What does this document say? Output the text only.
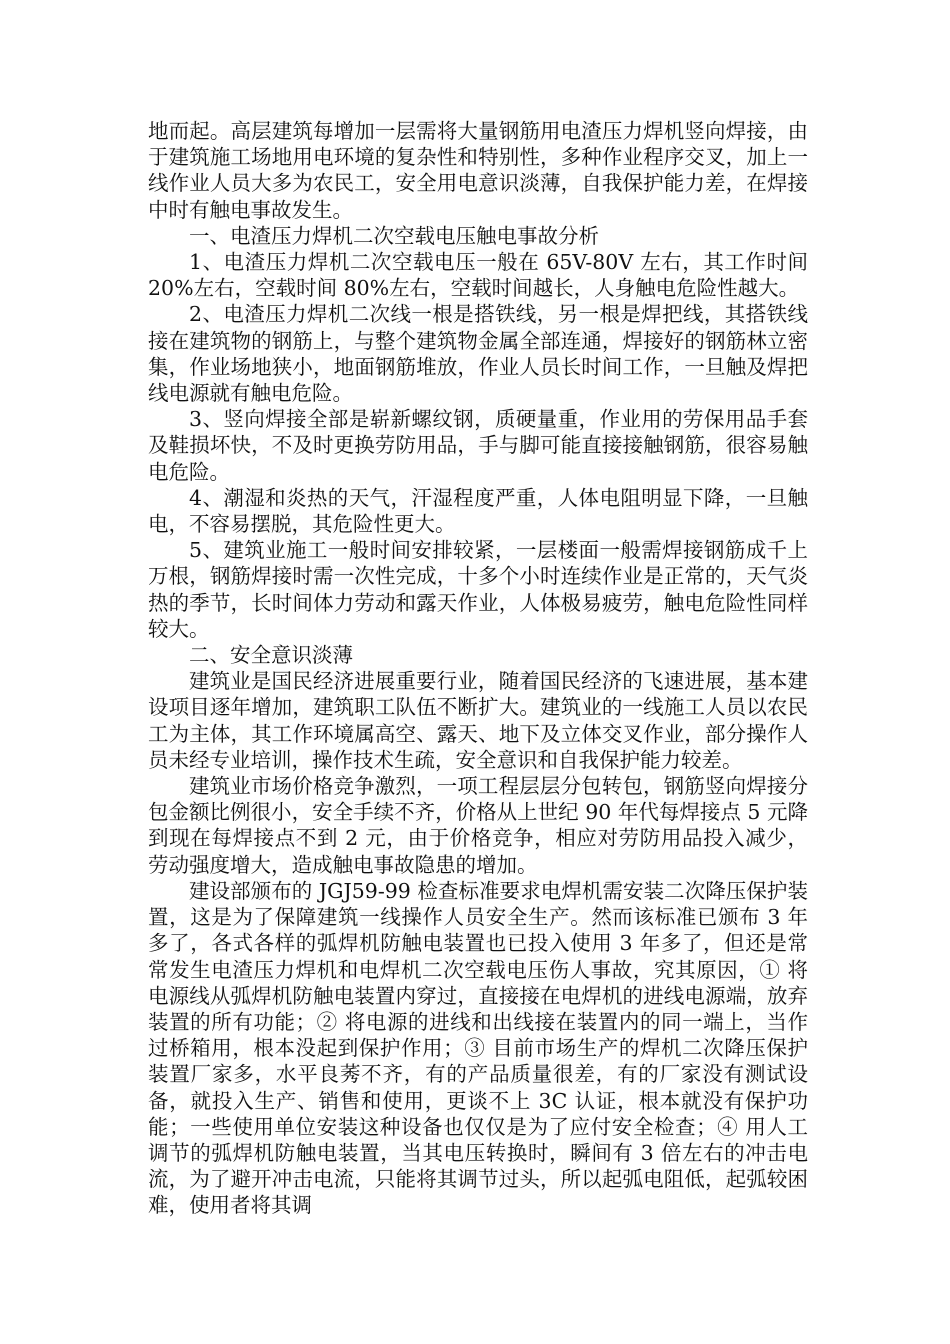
地而起。高层建筑每增加一层需将大量钢筋用电渣压力焊机竖向焊接，由于建筑施工场地用电环境的复杂性和特别性，多种作业程序交叉，加上一线作业人员大多为农民工，安全用电意识淡薄，自我保护能力差，在焊接中时有触电事故发生。

一、电渣压力焊机二次空载电压触电事故分析

1、电渣压力焊机二次空载电压一般在 65V-80V 左右，其工作时间 20%左右，空载时间 80%左右，空载时间越长，人身触电危险性越大。

2、电渣压力焊机二次线一根是搭铁线，另一根是焊把线，其搭铁线接在建筑物的钢筋上，与整个建筑物金属全部连通，焊接好的钢筋林立密集，作业场地狭小，地面钢筋堆放，作业人员长时间工作，一旦触及焊把线电源就有触电危险。

3、竖向焊接全部是崭新螺纹钢，质硬量重，作业用的劳保用品手套及鞋损坏快，不及时更换劳防用品，手与脚可能直接接触钢筋，很容易触电危险。

4、潮湿和炎热的天气，汗湿程度严重，人体电阻明显下降，一旦触电，不容易摆脱，其危险性更大。

5、建筑业施工一般时间安排较紧，一层楼面一般需焊接钢筋成千上万根，钢筋焊接时需一次性完成，十多个小时连续作业是正常的，天气炎热的季节，长时间体力劳动和露天作业，人体极易疲劳，触电危险性同样较大。

二、安全意识淡薄

建筑业是国民经济进展重要行业，随着国民经济的飞速进展，基本建设项目逐年增加，建筑职工队伍不断扩大。建筑业的一线施工人员以农民工为主体，其工作环境属高空、露天、地下及立体交叉作业，部分操作人员未经专业培训，操作技术生疏，安全意识和自我保护能力较差。

建筑业市场价格竞争激烈，一项工程层层分包转包，钢筋竖向焊接分包金额比例很小，安全手续不齐，价格从上世纪 90 年代每焊接点 5 元降到现在每焊接点不到 2 元，由于价格竞争，相应对劳防用品投入减少，劳动强度增大，造成触电事故隐患的增加。

建设部颁布的 JGJ59-99 检查标准要求电焊机需安装二次降压保护装置，这是为了保障建筑一线操作人员安全生产。然而该标准已颁布 3 年多了，各式各样的弧焊机防触电装置也已投入使用 3 年多了，但还是常常发生电渣压力焊机和电焊机二次空载电压伤人事故，究其原因，① 将电源线从弧焊机防触电装置内穿过，直接接在电焊机的进线电源端，放弃装置的所有功能；② 将电源的进线和出线接在装置内的同一端上，当作过桥箱用，根本没起到保护作用；③ 目前市场生产的焊机二次降压保护装置厂家多，水平良莠不齐，有的产品质量很差，有的厂家没有测试设备，就投入生产、销售和使用，更谈不上 3C 认证，根本就没有保护功能；一些使用单位安装这种设备也仅仅是为了应付安全检查；④ 用人工调节的弧焊机防触电装置，当其电压转换时，瞬间有 3 倍左右的冲击电流，为了避开冲击电流，只能将其调节过头，所以起弧电阻低，起弧较困难，使用者将其调
